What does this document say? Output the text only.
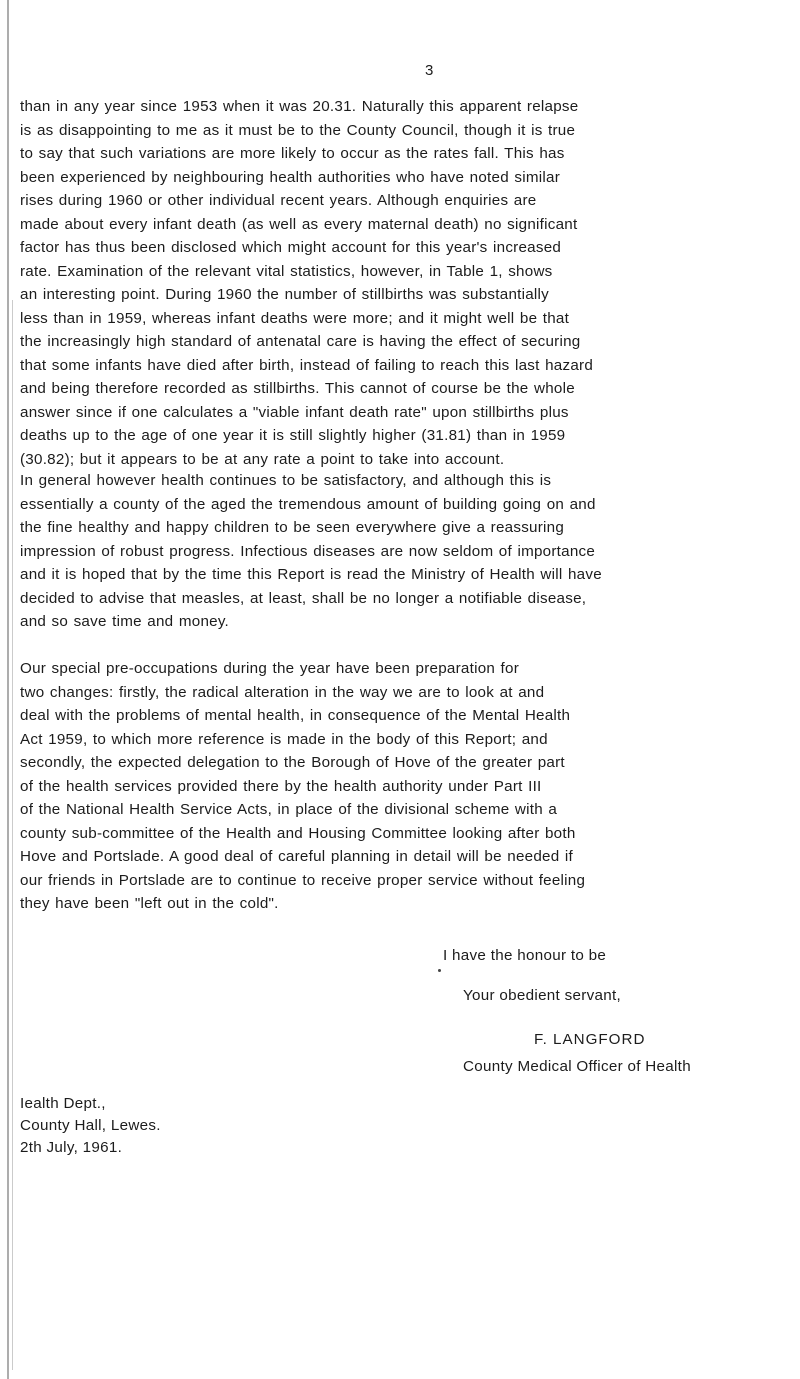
3

than in any year since 1953 when it was 20.31. Naturally this apparent relapse
is as disappointing to me as it must be to the County Council, though it is true
to say that such variations are more likely to occur as the rates fall. This has
been experienced by neighbouring health authorities who have noted similar
rises during 1960 or other individual recent years. Although enquiries are
made about every infant death (as well as every maternal death) no significant
factor has thus been disclosed which might account for this year's increased
rate. Examination of the relevant vital statistics, however, in Table 1, shows
an interesting point. During 1960 the number of stillbirths was substantially
less than in 1959, whereas infant deaths were more; and it might well be that
the increasingly high standard of antenatal care is having the effect of securing
that some infants have died after birth, instead of failing to reach this last hazard
and being therefore recorded as stillbirths. This cannot of course be the whole
answer since if one calculates a "viable infant death rate" upon stillbirths plus
deaths up to the age of one year it is still slightly higher (31.81) than in 1959
(30.82); but it appears to be at any rate a point to take into account.

In general however health continues to be satisfactory, and although this is
essentially a county of the aged the tremendous amount of building going on and
the fine healthy and happy children to be seen everywhere give a reassuring
impression of robust progress. Infectious diseases are now seldom of importance
and it is hoped that by the time this Report is read the Ministry of Health will have
decided to advise that measles, at least, shall be no longer a notifiable disease,
and so save time and money.

Our special pre-occupations during the year have been preparation for
two changes: firstly, the radical alteration in the way we are to look at and
deal with the problems of mental health, in consequence of the Mental Health
Act 1959, to which more reference is made in the body of this Report; and
secondly, the expected delegation to the Borough of Hove of the greater part
of the health services provided there by the health authority under Part III
of the National Health Service Acts, in place of the divisional scheme with a
county sub-committee of the Health and Housing Committee looking after both
Hove and Portslade. A good deal of careful planning in detail will be needed if
our friends in Portslade are to continue to receive proper service without feeling
they have been "left out in the cold".

I have the honour to be
Your obedient servant,
F. LANGFORD
County Medical Officer of Health

Iealth Dept.,
County Hall, Lewes.
2th July, 1961.
